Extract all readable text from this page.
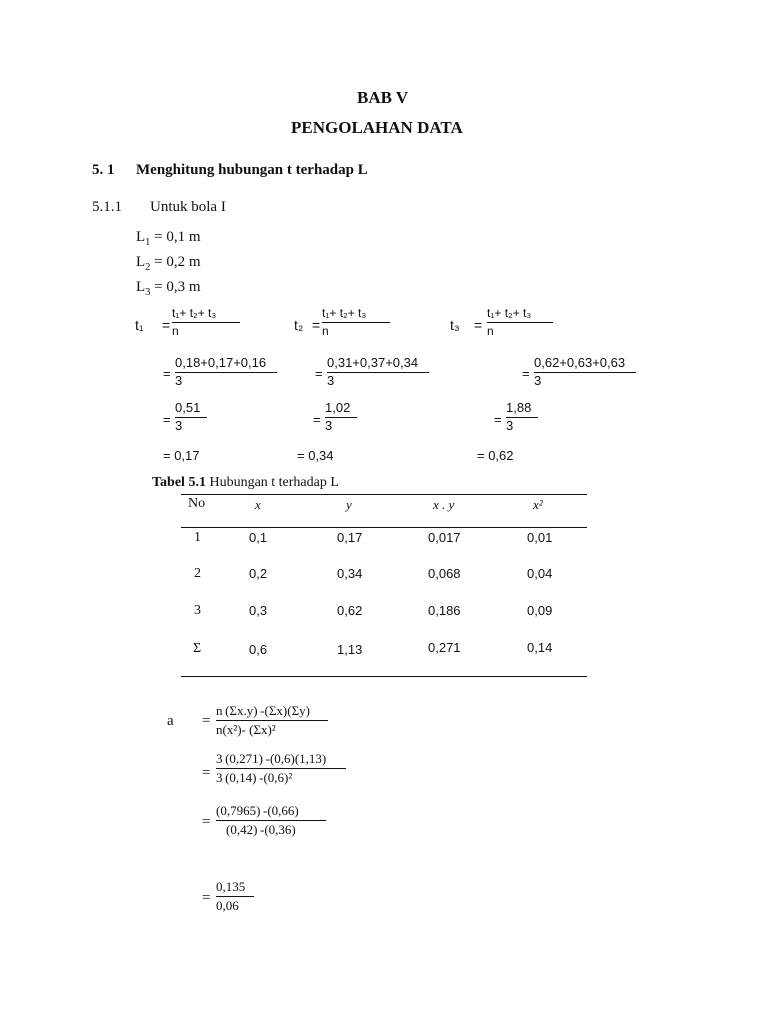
BAB V
PENGOLAHAN DATA
5. 1 Menghitung hubungan t terhadap L
5.1.1 Untuk bola I
$L_1 = 0,1$ m
$L_2 = 0,2$ m
$L_3 = 0,3$ m
t₁ =
t₁+ t₂+ t₃
n	t₂ =
t₁+ t₂+ t₃
n	t₃ =
t₁+ t₂+ t₃
n
=
0,18+0,17+0,16
3	=
0,31+0,37+0,34
3	=
0,62+0,63+0,63
3
=
0,51
3	=
1,02
3	=
1,88
3
= 0,17	= 0,34	= 0,62
Tabel 5.1 Hubungan t terhadap L
No	x	y	x . y	x²
1	0,1	0,17	0,017	0,01
2	0,2	0,34	0,068	0,04
3	0,3	0,62	0,186	0,09
Σ	0,6	1,13	0,271	0,14
a =
n (Σx.y) -(Σx)(Σy)
n(x²)- (Σx)²
=
3 (0,271) -(0,6)(1,13)
3 (0,14) -(0,6)²
=
(0,7965) -(0,66)
(0,42) -(0,36)
=
0,135
0,06
